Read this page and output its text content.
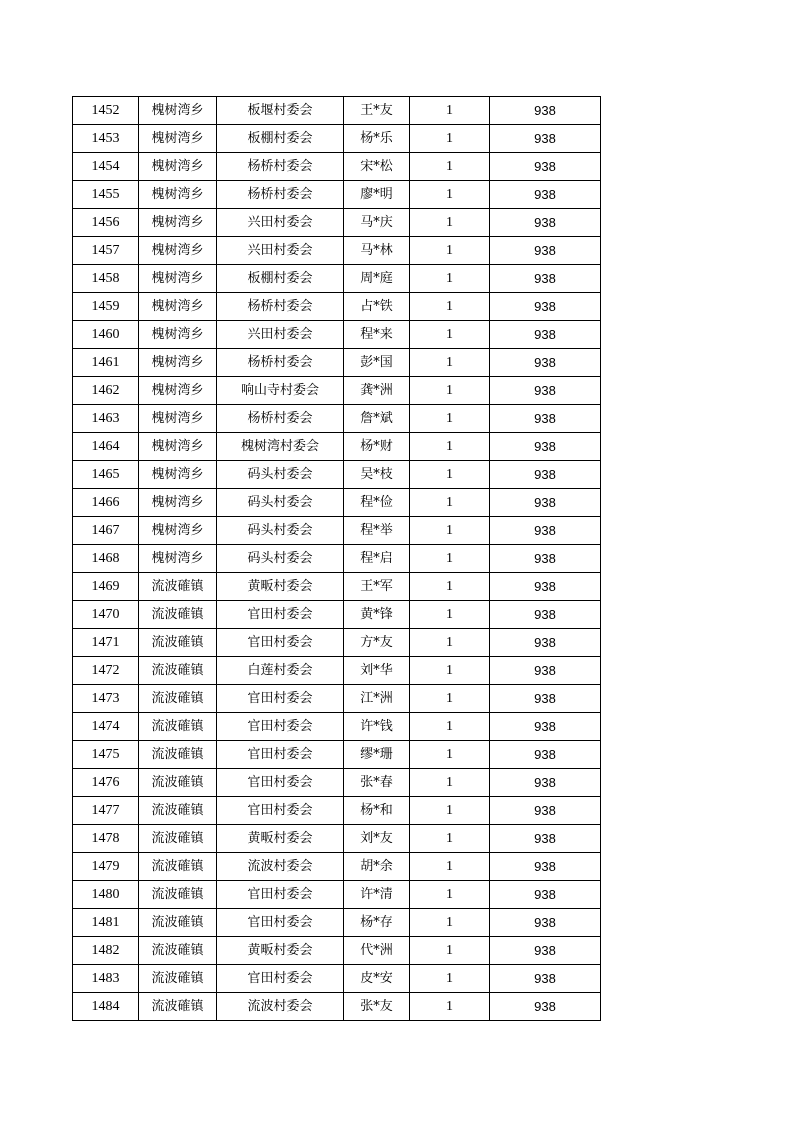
1452	槐树湾乡	板堰村委会	王*友	1	938
1453	槐树湾乡	板棚村委会	杨*乐	1	938
1454	槐树湾乡	杨桥村委会	宋*松	1	938
1455	槐树湾乡	杨桥村委会	廖*明	1	938
1456	槐树湾乡	兴田村委会	马*庆	1	938
1457	槐树湾乡	兴田村委会	马*林	1	938
1458	槐树湾乡	板棚村委会	周*庭	1	938
1459	槐树湾乡	杨桥村委会	占*铁	1	938
1460	槐树湾乡	兴田村委会	程*来	1	938
1461	槐树湾乡	杨桥村委会	彭*国	1	938
1462	槐树湾乡	响山寺村委会	龚*洲	1	938
1463	槐树湾乡	杨桥村委会	詹*斌	1	938
1464	槐树湾乡	槐树湾村委会	杨*财	1	938
1465	槐树湾乡	码头村委会	吴*枝	1	938
1466	槐树湾乡	码头村委会	程*俭	1	938
1467	槐树湾乡	码头村委会	程*举	1	938
1468	槐树湾乡	码头村委会	程*启	1	938
1469	流波確镇	黄畈村委会	王*军	1	938
1470	流波確镇	官田村委会	黄*锋	1	938
1471	流波確镇	官田村委会	方*友	1	938
1472	流波確镇	白莲村委会	刘*华	1	938
1473	流波確镇	官田村委会	江*洲	1	938
1474	流波確镇	官田村委会	许*钱	1	938
1475	流波確镇	官田村委会	缪*珊	1	938
1476	流波確镇	官田村委会	张*春	1	938
1477	流波確镇	官田村委会	杨*和	1	938
1478	流波確镇	黄畈村委会	刘*友	1	938
1479	流波確镇	流波村委会	胡*余	1	938
1480	流波確镇	官田村委会	许*清	1	938
1481	流波確镇	官田村委会	杨*存	1	938
1482	流波確镇	黄畈村委会	代*洲	1	938
1483	流波確镇	官田村委会	皮*安	1	938
1484	流波確镇	流波村委会	张*友	1	938
